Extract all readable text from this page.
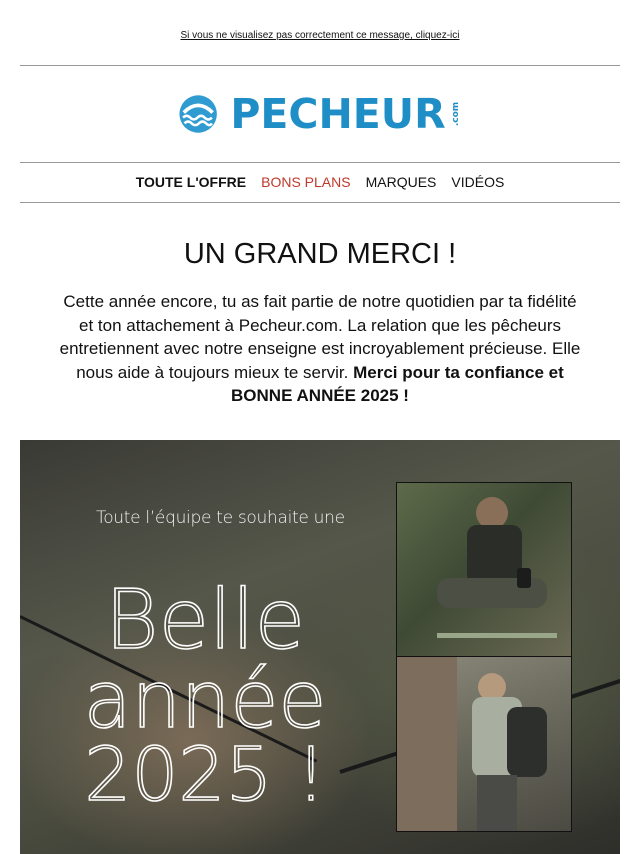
Si vous ne visualisez pas correctement ce message, cliquez-ici
PECHEUR .com
TOUTE L'OFFRE BONS PLANS MARQUES VIDÉOS
UN GRAND MERCI !
Cette année encore, tu as fait partie de notre quotidien par ta fidélité et ton attachement à Pecheur.com. La relation que les pêcheurs entretiennent avec notre enseigne est incroyablement précieuse. Elle nous aide à toujours mieux te servir. Merci pour ta confiance et BONNE ANNÉE 2025 !
Toute l’équipe te souhaite une
Belle
année
2025 !
